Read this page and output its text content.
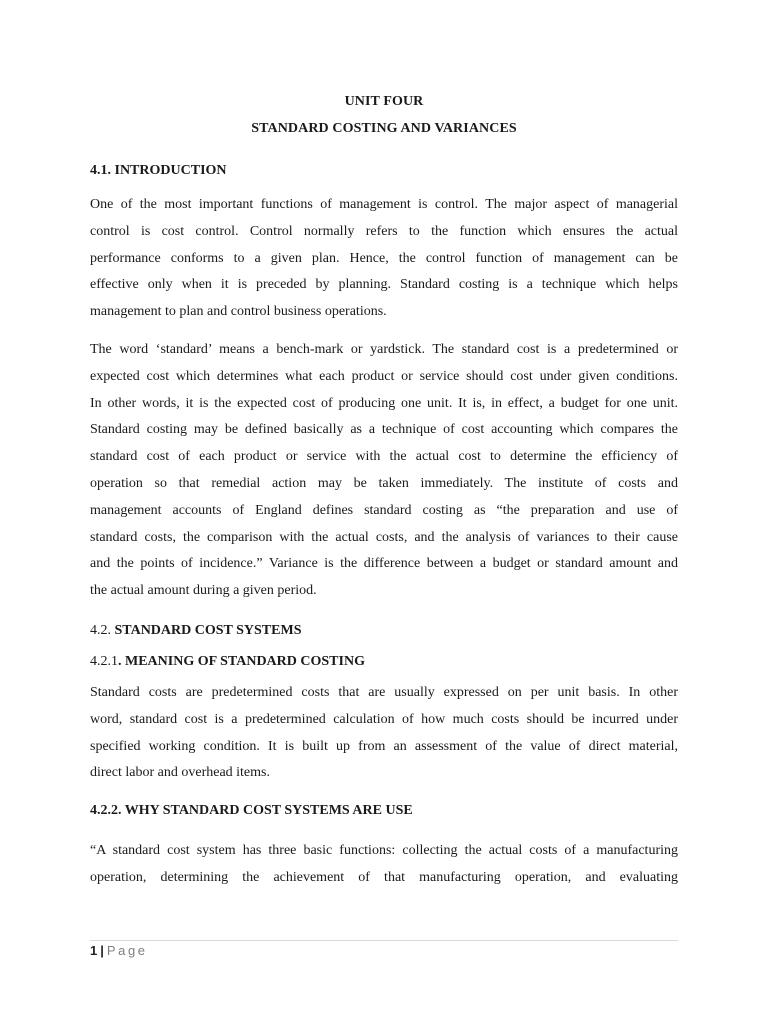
UNIT FOUR
STANDARD COSTING AND VARIANCES
4.1. INTRODUCTION
One of the most important functions of management is control. The major aspect of managerial
control is cost control. Control normally refers to the function which ensures the actual
performance conforms to a given plan. Hence, the control function of management can be
effective only when it is preceded by planning. Standard costing is a technique which helps
management to plan and control business operations.
The word ‘standard’ means a bench-mark or yardstick. The standard cost is a predetermined or
expected cost which determines what each product or service should cost under given conditions.
In other words, it is the expected cost of producing one unit. It is, in effect, a budget for one unit.
Standard costing may be defined basically as a technique of cost accounting which compares the
standard cost of each product or service with the actual cost to determine the efficiency of
operation so that remedial action may be taken immediately. The institute of costs and
management accounts of England defines standard costing as “the preparation and use of
standard costs, the comparison with the actual costs, and the analysis of variances to their cause
and the points of incidence.” Variance is the difference between a budget or standard amount and
the actual amount during a given period.
4.2. STANDARD COST SYSTEMS
4.2.1. MEANING OF STANDARD COSTING
Standard costs are predetermined costs that are usually expressed on per unit basis. In other
word, standard cost is a predetermined calculation of how much costs should be incurred under
specified working condition. It is built up from an assessment of the value of direct material,
direct labor and overhead items.
4.2.2. WHY STANDARD COST SYSTEMS ARE USE
“A standard cost system has three basic functions: collecting the actual costs of a manufacturing
operation, determining the achievement of that manufacturing operation, and evaluating
1 | Page
